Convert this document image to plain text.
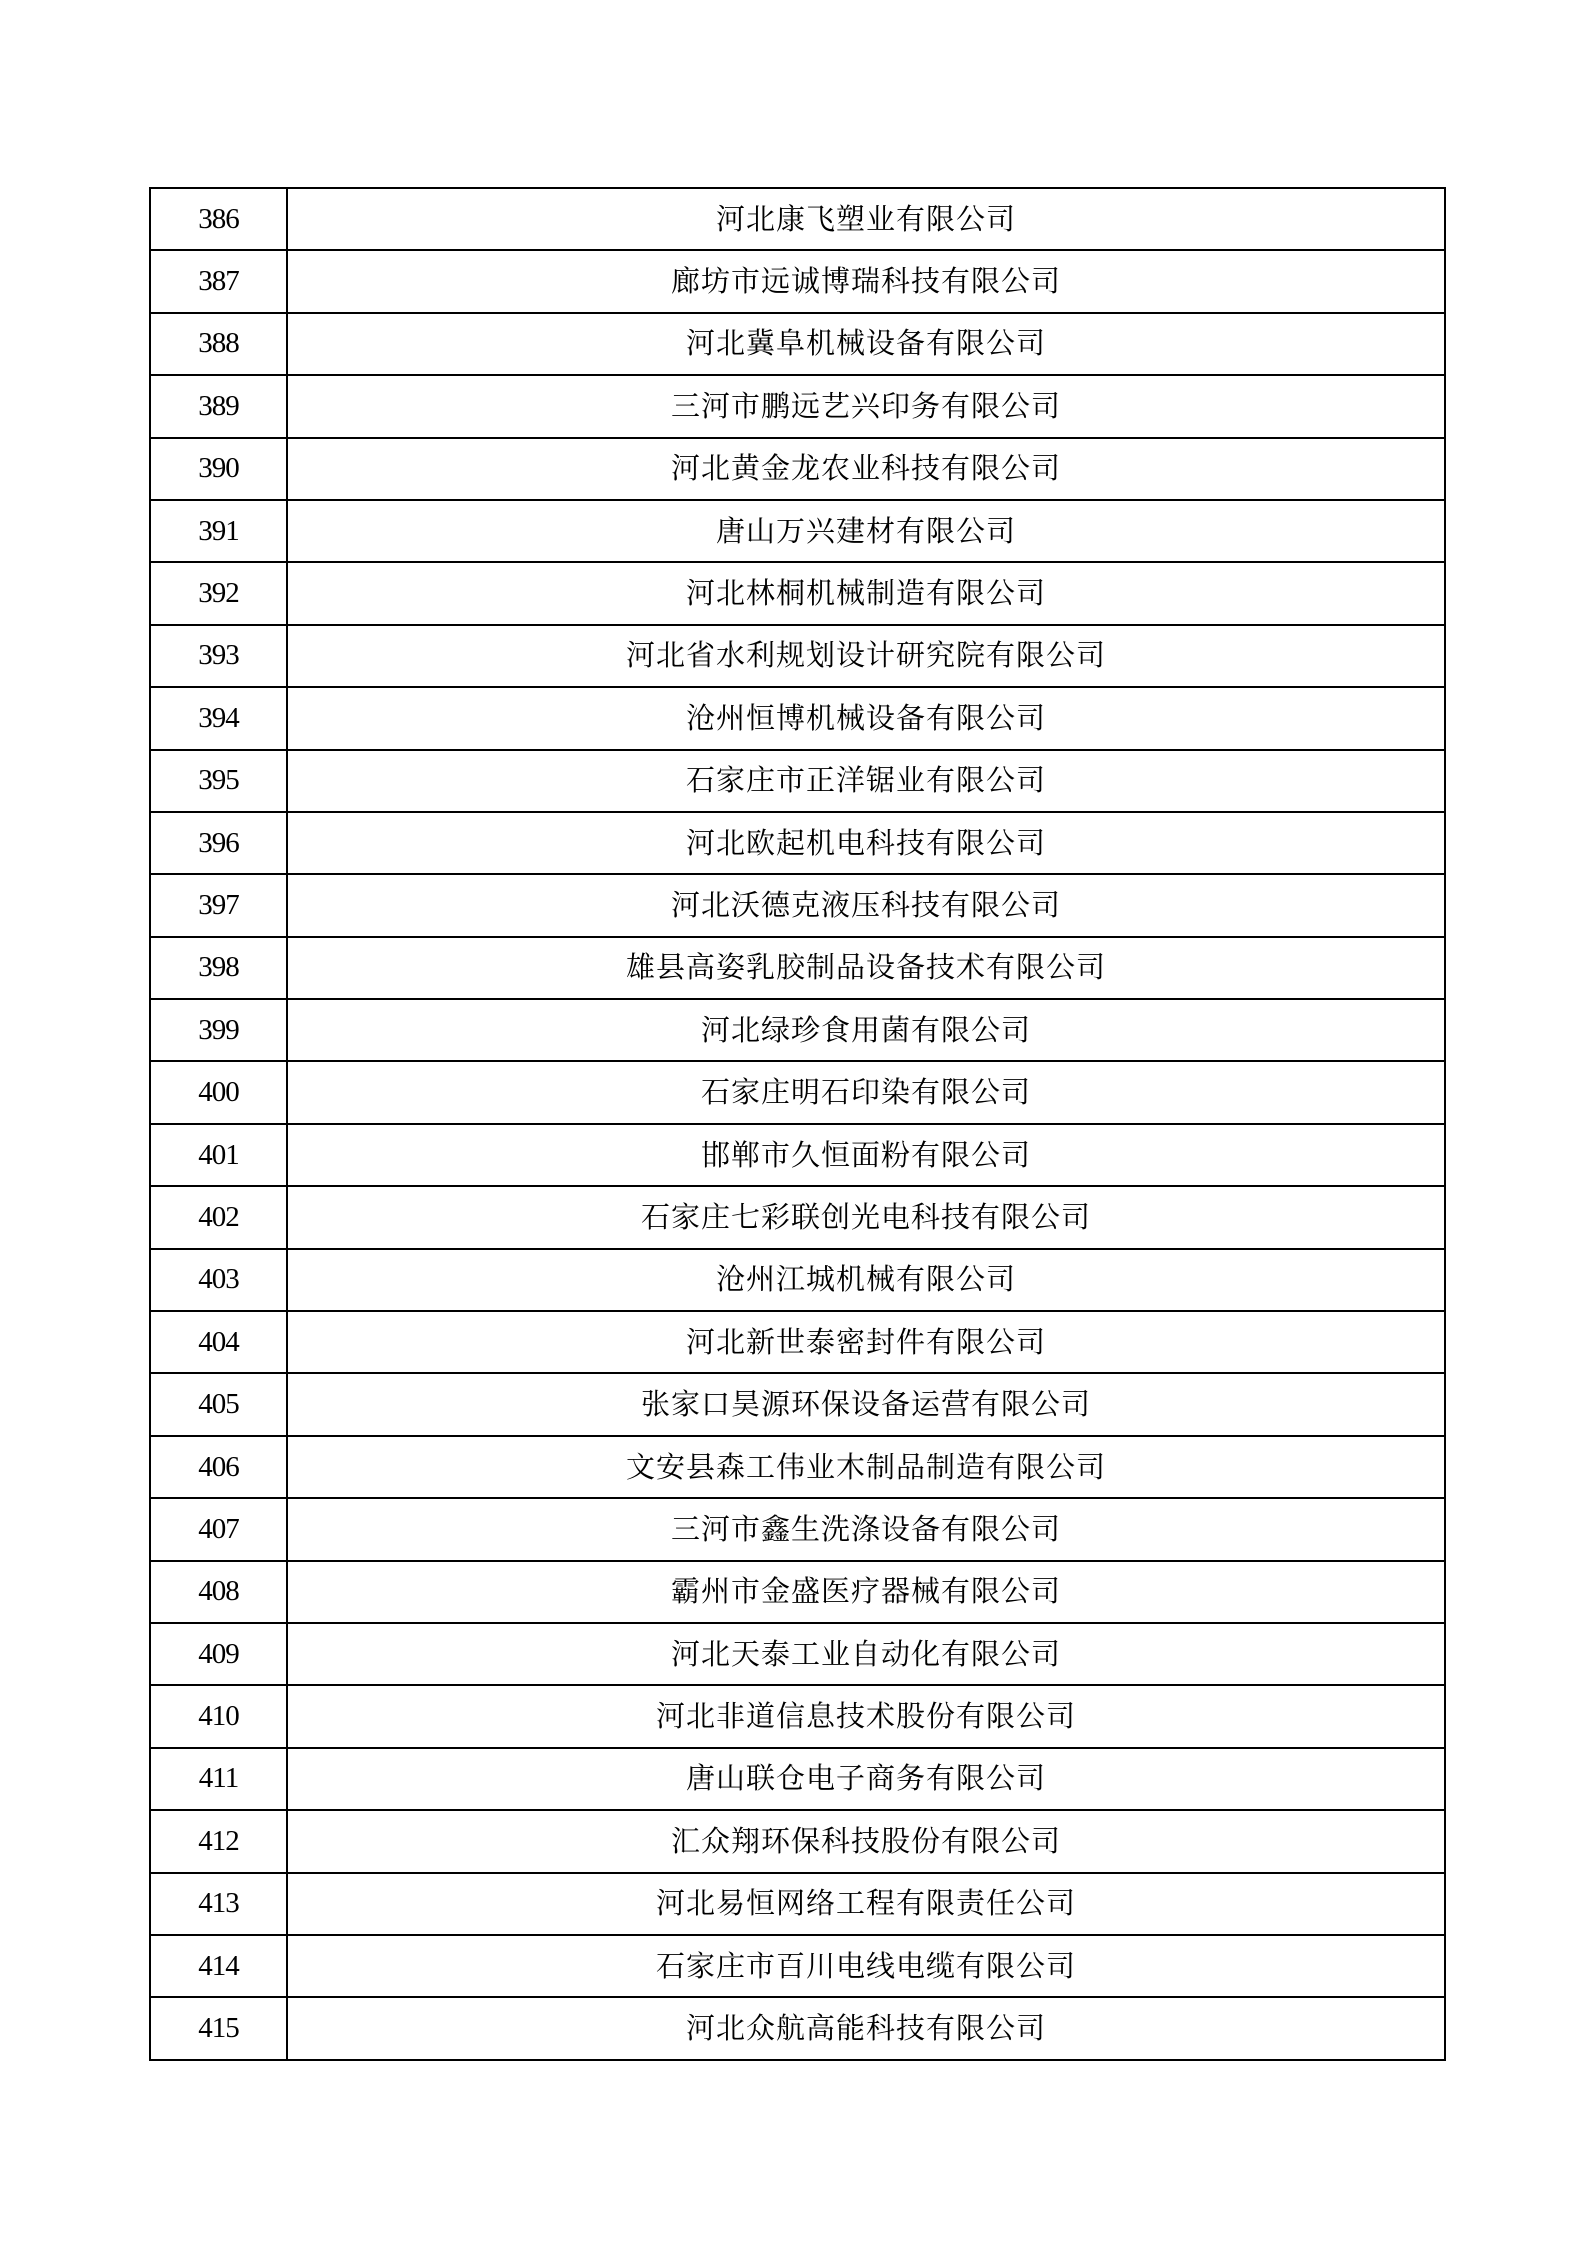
386	河北康飞塑业有限公司
387	廊坊市远诚博瑞科技有限公司
388	河北冀阜机械设备有限公司
389	三河市鹏远艺兴印务有限公司
390	河北黄金龙农业科技有限公司
391	唐山万兴建材有限公司
392	河北林桐机械制造有限公司
393	河北省水利规划设计研究院有限公司
394	沧州恒博机械设备有限公司
395	石家庄市正洋锯业有限公司
396	河北欧起机电科技有限公司
397	河北沃德克液压科技有限公司
398	雄县高姿乳胶制品设备技术有限公司
399	河北绿珍食用菌有限公司
400	石家庄明石印染有限公司
401	邯郸市久恒面粉有限公司
402	石家庄七彩联创光电科技有限公司
403	沧州江城机械有限公司
404	河北新世泰密封件有限公司
405	张家口昊源环保设备运营有限公司
406	文安县森工伟业木制品制造有限公司
407	三河市鑫生洗涤设备有限公司
408	霸州市金盛医疗器械有限公司
409	河北天泰工业自动化有限公司
410	河北非道信息技术股份有限公司
411	唐山联仓电子商务有限公司
412	汇众翔环保科技股份有限公司
413	河北易恒网络工程有限责任公司
414	石家庄市百川电线电缆有限公司
415	河北众航高能科技有限公司
